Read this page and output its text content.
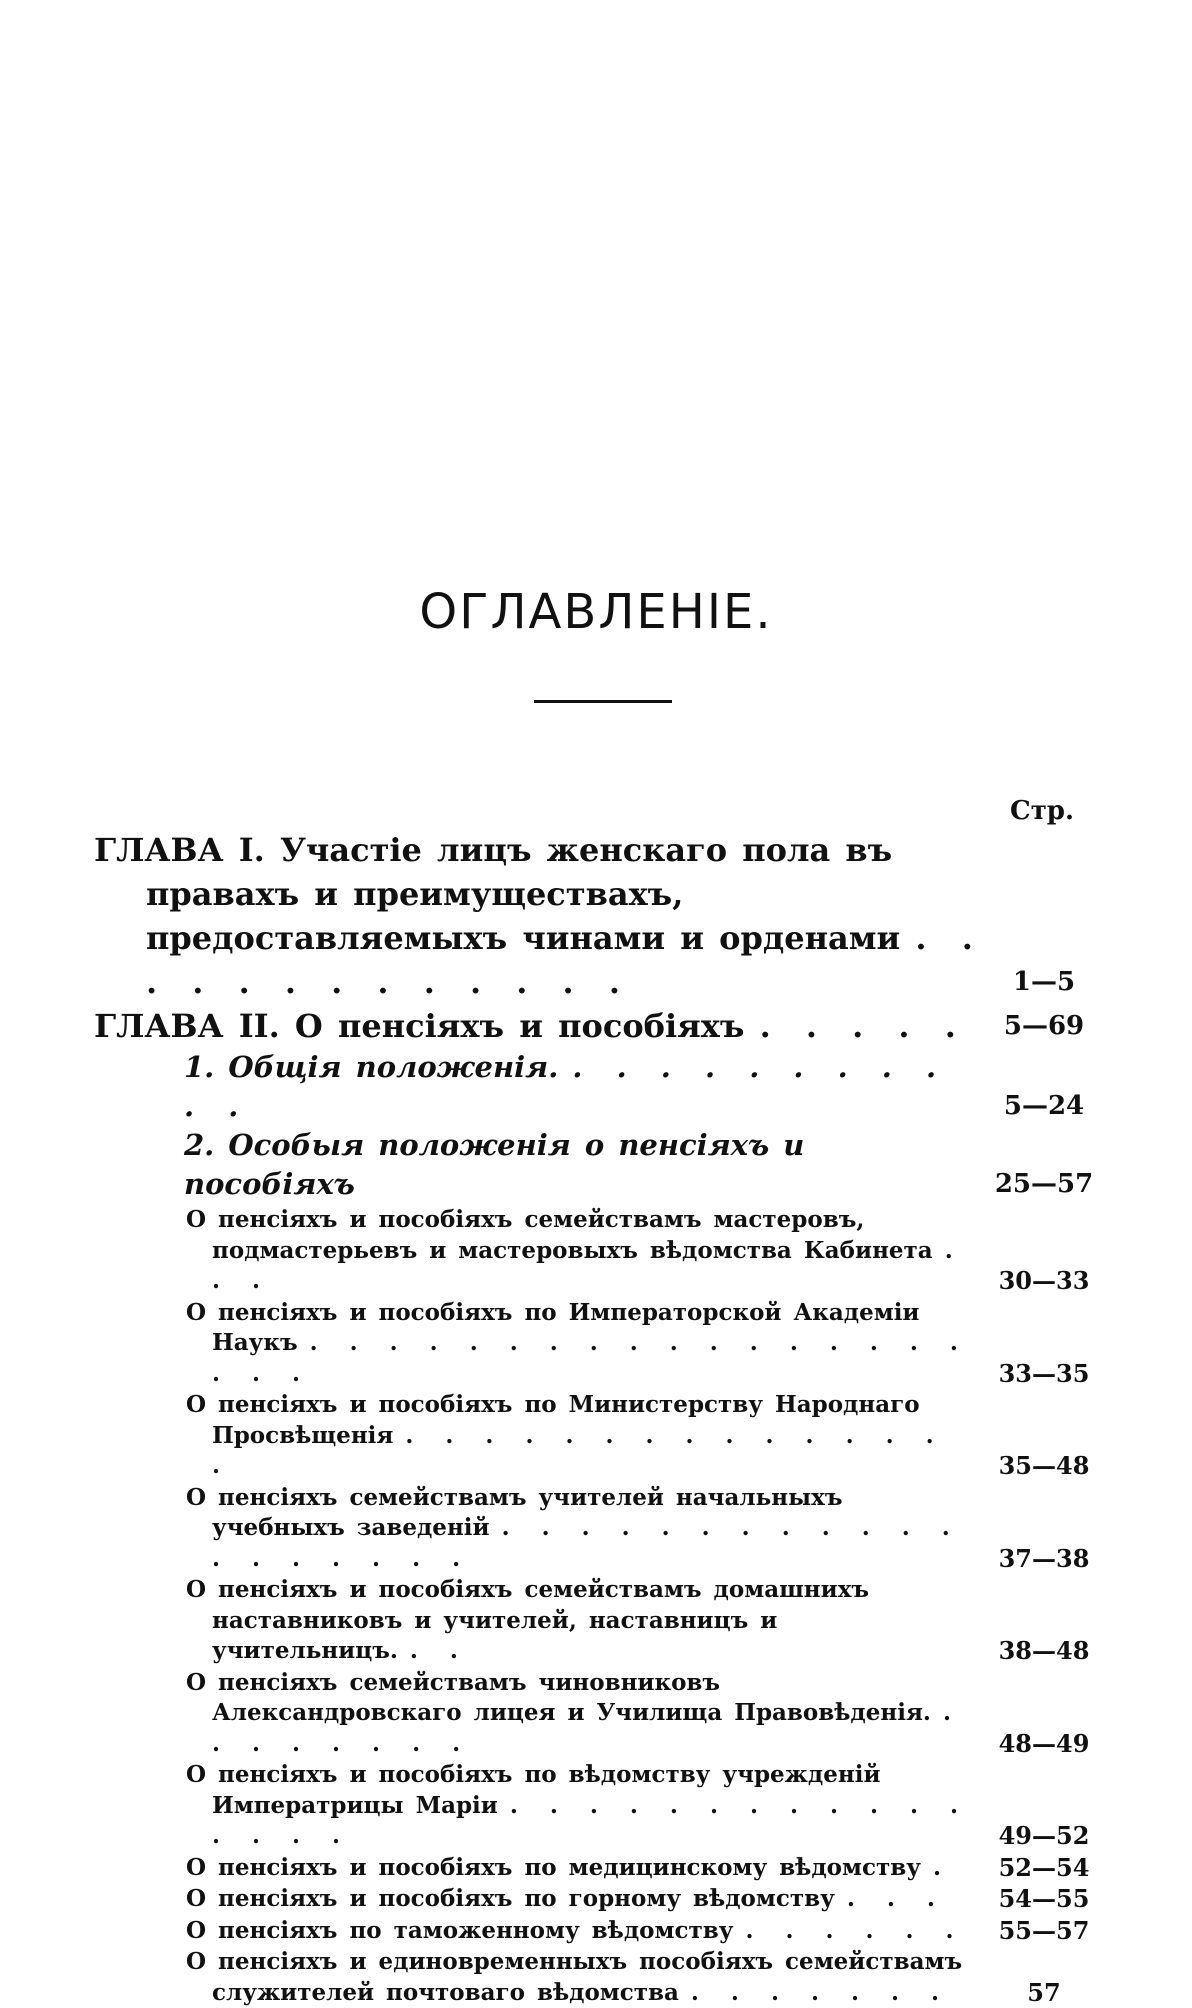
ОГЛАВЛЕНІЕ.
Стр.
ГЛАВА I. Участіе лицъ женскаго пола въ правахъ и преимуществахъ, предоставляемыхъ чинами и орденами . . . . . . . . . . . . .	1—5
ГЛАВА II. О пенсіяхъ и пособіяхъ . . . . .	5—69
1. Общія положенія. . . . . . . . . . . .	5—24
2. Особыя положенія о пенсіяхъ и пособіяхъ	25—57
О пенсіяхъ и пособіяхъ семействамъ мастеровъ, подмастерьевъ и мастеровыхъ вѣдомства Кабинета . . .	30—33
О пенсіяхъ и пособіяхъ по Императорской Академіи Наукъ . . . . . . . . . . . . . . . . . . . .	33—35
О пенсіяхъ и пособіяхъ по Министерству Народнаго Просвѣщенія . . . . . . . . . . . . . . .	35—48
О пенсіяхъ семействамъ учителей начальныхъ учебныхъ заведеній . . . . . . . . . . . . . . . . . . .	37—38
О пенсіяхъ и пособіяхъ семействамъ домашнихъ наставниковъ и учителей, наставницъ и учительницъ. . .	38—48
О пенсіяхъ семействамъ чиновниковъ Александровскаго лицея и Училища Правовѣденія. . . . . . . . .	48—49
О пенсіяхъ и пособіяхъ по вѣдомству учрежденій Императрицы Маріи . . . . . . . . . . . . . . . .	49—52
О пенсіяхъ и пособіяхъ по медицинскому вѣдомству .	52—54
О пенсіяхъ и пособіяхъ по горному вѣдомству . . .	54—55
О пенсіяхъ по таможенному вѣдомству . . . . . .	55—57
О пенсіяхъ и единовременныхъ пособіяхъ семействамъ служителей почтоваго вѣдомства . . . . . . .	57
